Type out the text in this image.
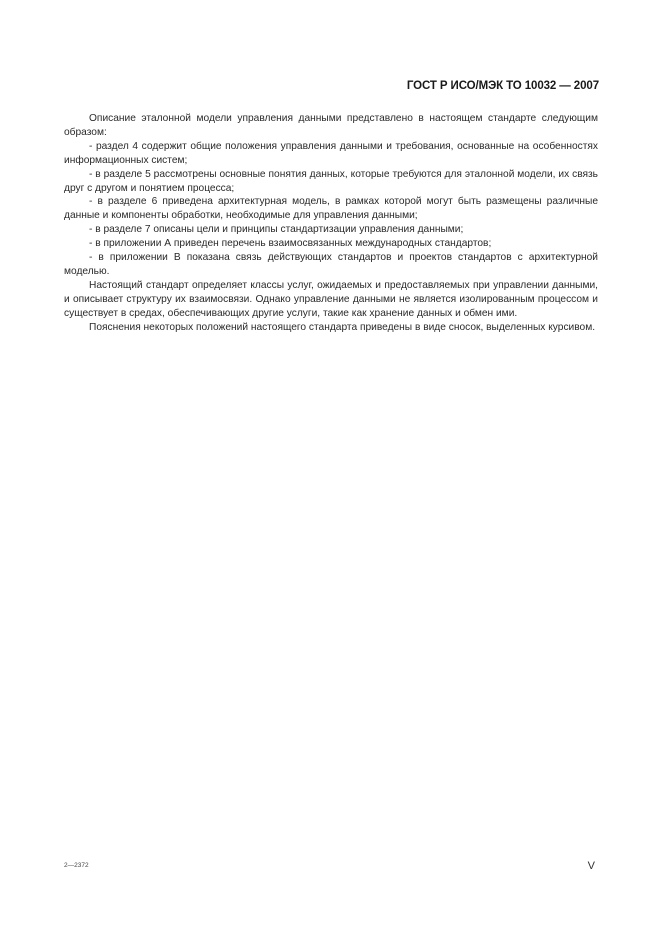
ГОСТ Р ИСО/МЭК ТО 10032 — 2007

Описание эталонной модели управления данными представлено в настоящем стандарте следующим образом:

- раздел 4 содержит общие положения управления данными и требования, основанные на особенностях информационных систем;

- в разделе 5 рассмотрены основные понятия данных, которые требуются для эталонной модели, их связь друг с другом и понятием процесса;

- в разделе 6 приведена архитектурная модель, в рамках которой могут быть размещены различные данные и компоненты обработки, необходимые для управления данными;

- в разделе 7 описаны цели и принципы стандартизации управления данными;

- в приложении А приведен перечень взаимосвязанных международных стандартов;

- в приложении В показана связь действующих стандартов и проектов стандартов с архитектурной моделью.

Настоящий стандарт определяет классы услуг, ожидаемых и предоставляемых при управлении данными, и описывает структуру их взаимосвязи. Однако управление данными не является изолированным процессом и существует в средах, обеспечивающих другие услуги, такие как хранение данных и обмен ими.

Пояснения некоторых положений настоящего стандарта приведены в виде сносок, выделенных курсивом.

2—2372	V
